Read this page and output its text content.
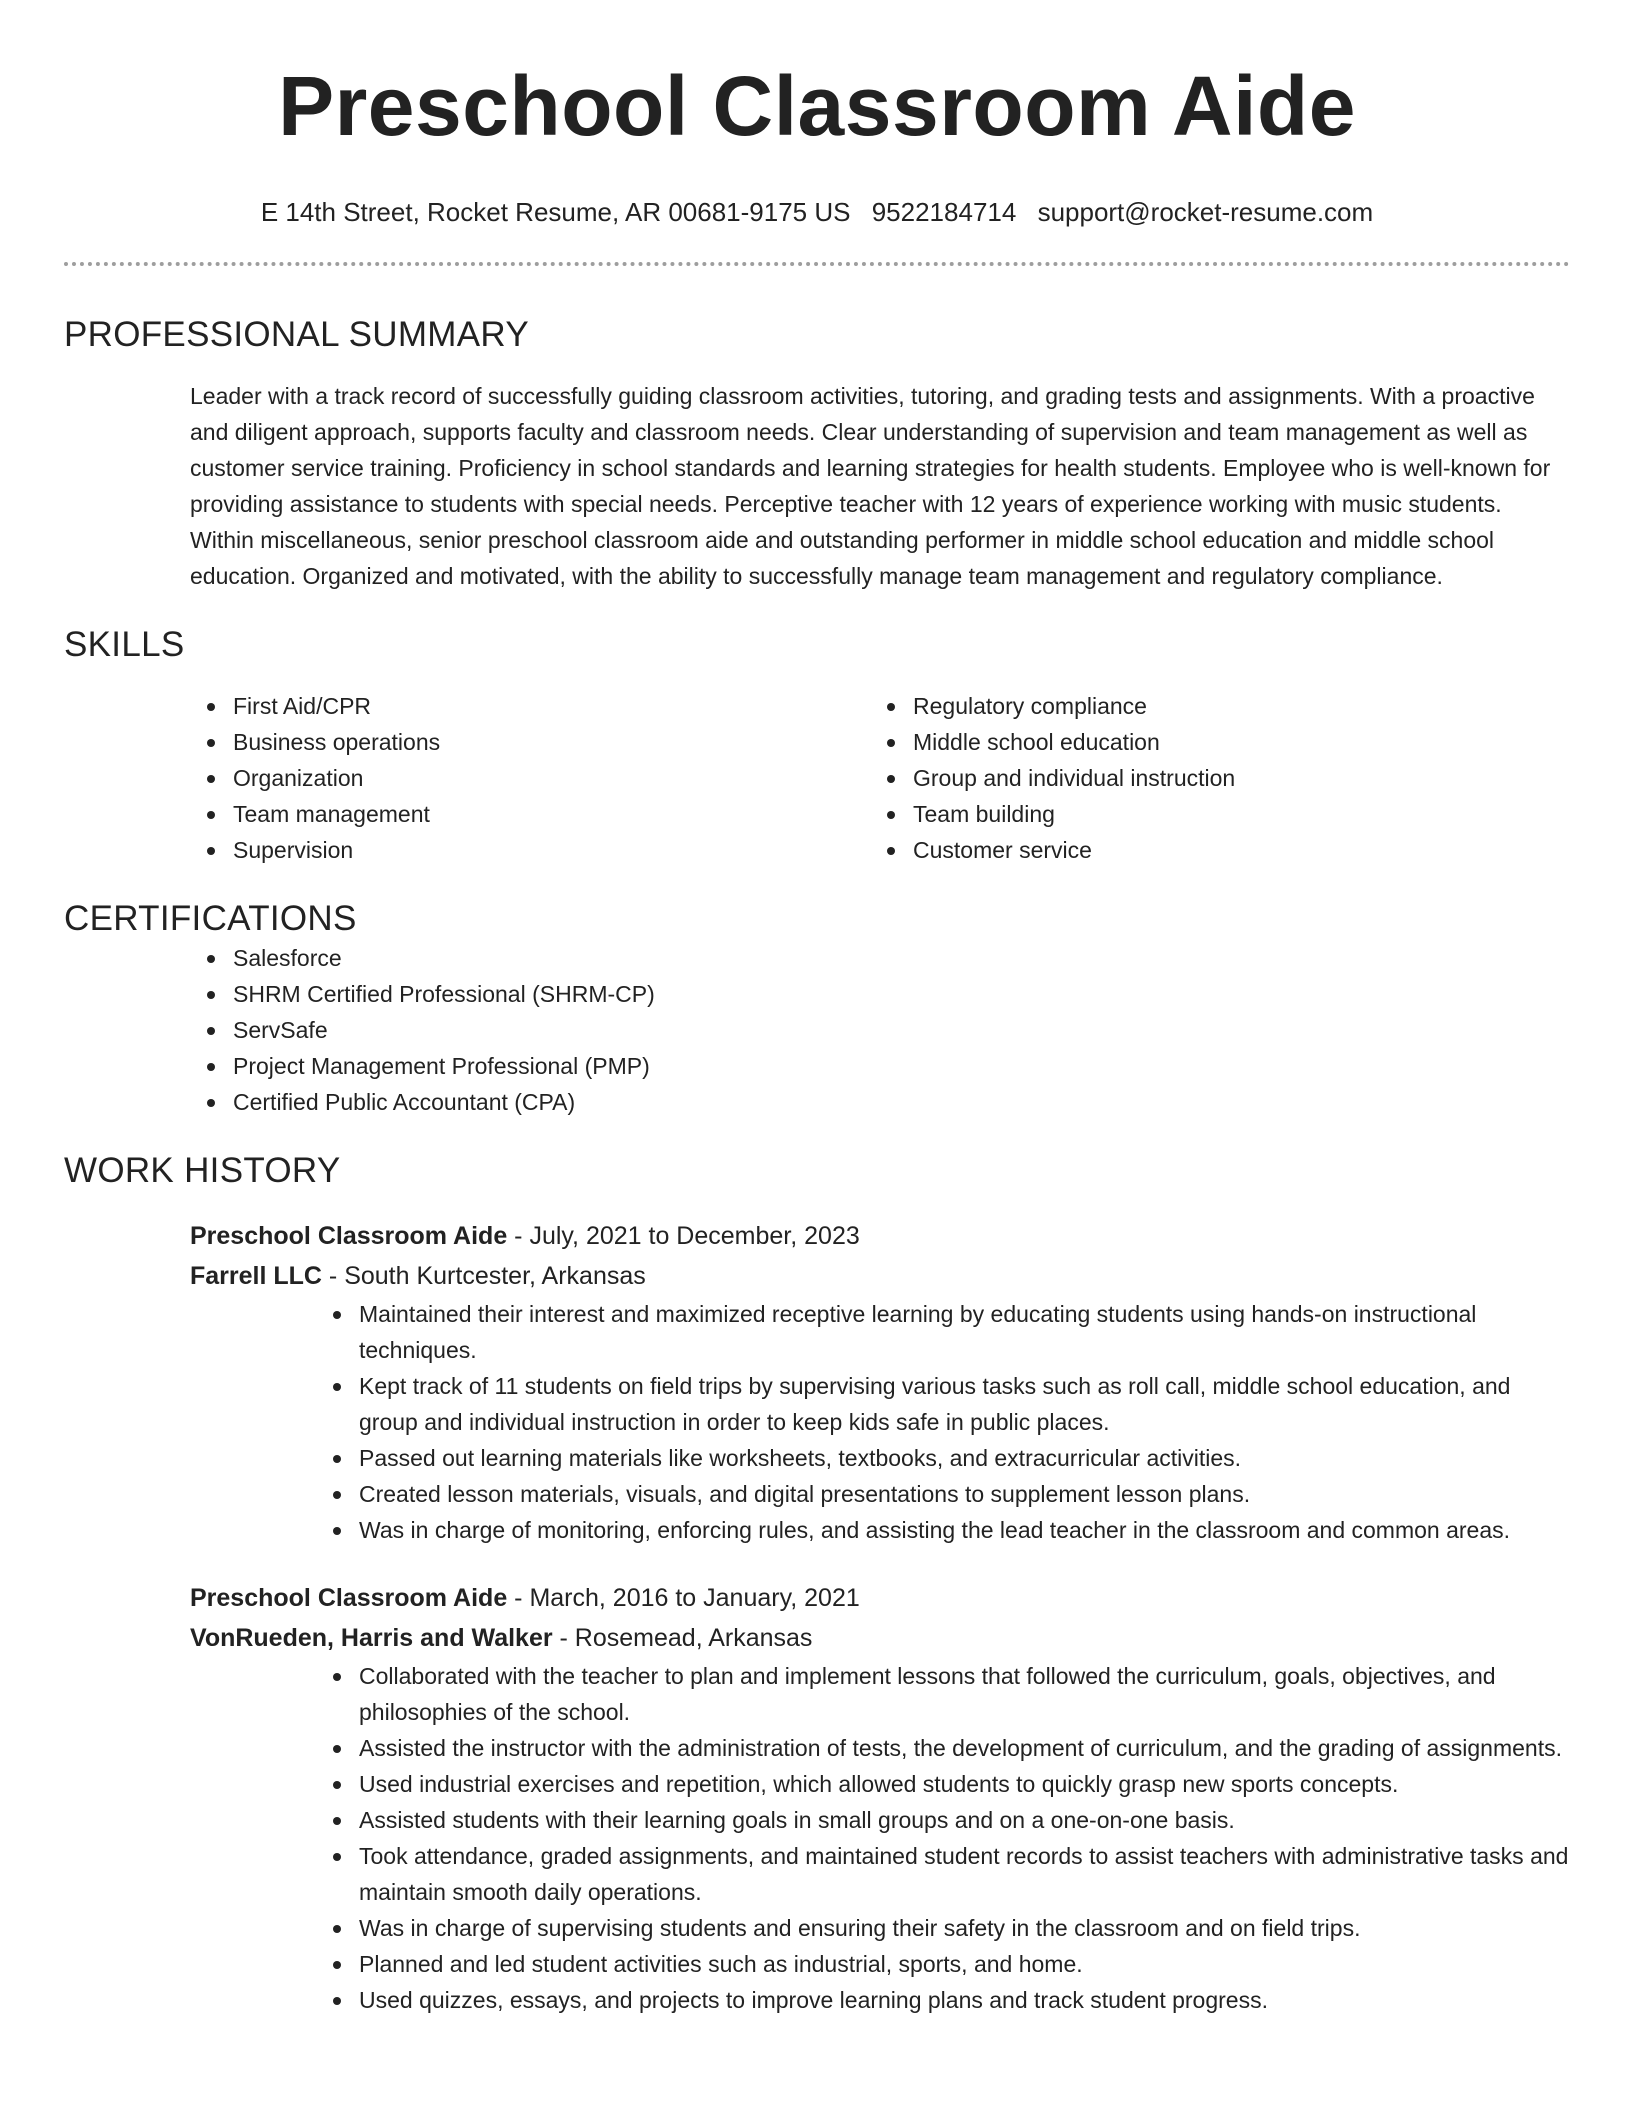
Preschool Classroom Aide
E 14th Street, Rocket Resume, AR 00681-9175 US 9522184714 support@rocket-resume.com
PROFESSIONAL SUMMARY

Leader with a track record of successfully guiding classroom activities, tutoring, and grading tests and assignments. With a proactive and diligent approach, supports faculty and classroom needs. Clear understanding of supervision and team management as well as customer service training. Proficiency in school standards and learning strategies for health students. Employee who is well-known for providing assistance to students with special needs. Perceptive teacher with 12 years of experience working with music students. Within miscellaneous, senior preschool classroom aide and outstanding performer in middle school education and middle school education. Organized and motivated, with the ability to successfully manage team management and regulatory compliance.

SKILLS
First Aid/CPR
Business operations
Organization
Team management
Supervision
Regulatory compliance
Middle school education
Group and individual instruction
Team building
Customer service
CERTIFICATIONS
Salesforce
SHRM Certified Professional (SHRM-CP)
ServSafe
Project Management Professional (PMP)
Certified Public Accountant (CPA)
WORK HISTORY
Preschool Classroom Aide - July, 2021 to December, 2023
Farrell LLC - South Kurtcester, Arkansas
Maintained their interest and maximized receptive learning by educating students using hands-on instructional techniques.
Kept track of 11 students on field trips by supervising various tasks such as roll call, middle school education, and group and individual instruction in order to keep kids safe in public places.
Passed out learning materials like worksheets, textbooks, and extracurricular activities.
Created lesson materials, visuals, and digital presentations to supplement lesson plans.
Was in charge of monitoring, enforcing rules, and assisting the lead teacher in the classroom and common areas.
Preschool Classroom Aide - March, 2016 to January, 2021
VonRueden, Harris and Walker - Rosemead, Arkansas
Collaborated with the teacher to plan and implement lessons that followed the curriculum, goals, objectives, and philosophies of the school.
Assisted the instructor with the administration of tests, the development of curriculum, and the grading of assignments.
Used industrial exercises and repetition, which allowed students to quickly grasp new sports concepts.
Assisted students with their learning goals in small groups and on a one-on-one basis.
Took attendance, graded assignments, and maintained student records to assist teachers with administrative tasks and maintain smooth daily operations.
Was in charge of supervising students and ensuring their safety in the classroom and on field trips.
Planned and led student activities such as industrial, sports, and home.
Used quizzes, essays, and projects to improve learning plans and track student progress.
